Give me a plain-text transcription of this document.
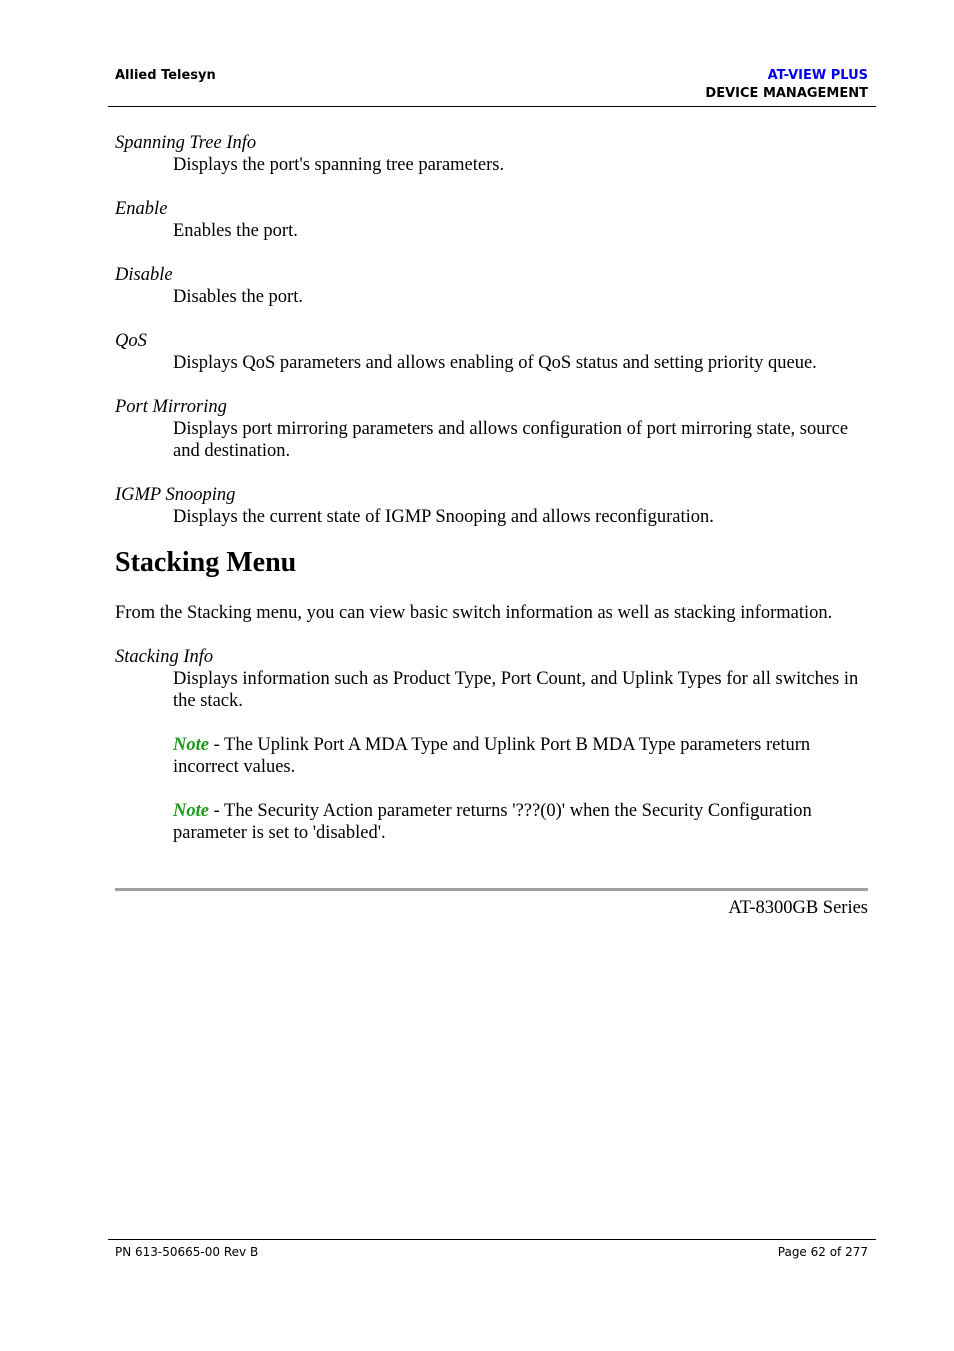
Allied Telesyn	AT-VIEW PLUS
DEVICE MANAGEMENT

Spanning Tree Info

Displays the port's spanning tree parameters.

Enable

Enables the port.

Disable

Disables the port.

QoS

Displays QoS parameters and allows enabling of QoS status and setting priority queue.

Port Mirroring

Displays port mirroring parameters and allows configuration of port mirroring state, source and destination.

IGMP Snooping

Displays the current state of IGMP Snooping and allows reconfiguration.

Stacking Menu

From the Stacking menu, you can view basic switch information as well as stacking information.

Stacking Info

Displays information such as Product Type, Port Count, and Uplink Types for all switches in the stack.

Note - The Uplink Port A MDA Type and Uplink Port B MDA Type parameters return incorrect values.

Note - The Security Action parameter returns '???(0)' when the Security Configuration parameter is set to 'disabled'.

AT-8300GB Series
PN 613-50665-00 Rev B	Page 62 of 277
